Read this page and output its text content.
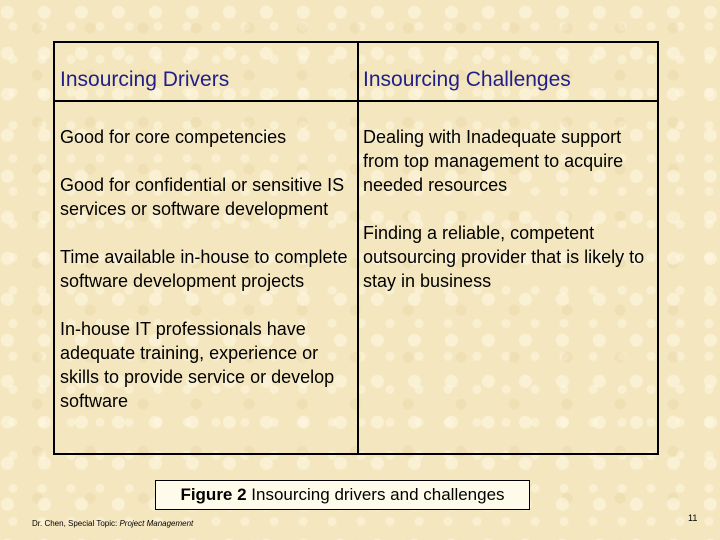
Insourcing Drivers	Insourcing Challenges

Good for core competencies

Good for confidential or sensitive IS services or software development

Time available in-house to complete software development projects

In-house IT professionals have adequate training, experience or skills to provide service or develop software

Dealing with Inadequate support from top management to acquire needed resources

Finding a reliable, competent outsourcing provider that is likely to stay in business

Figure 2 Insourcing drivers and challenges
Dr. Chen, Special Topic: Project Management
11
